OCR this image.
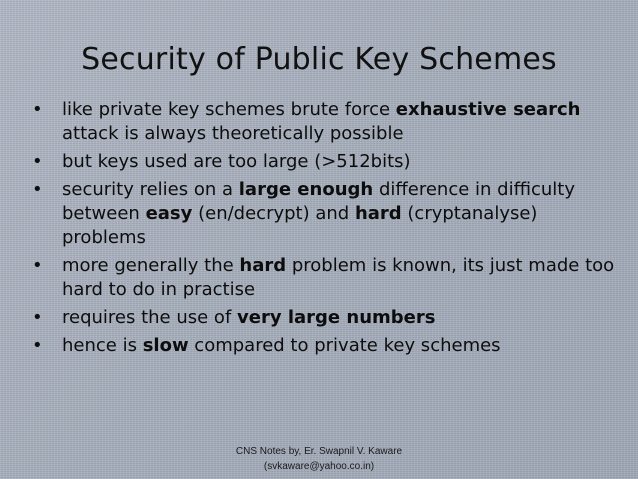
Security of Public Key Schemes
• like private key schemes brute force exhaustive search attack is always theoretically possible
• but keys used are too large (>512bits)
• security relies on a large enough difference in difficulty between easy (en/decrypt) and hard (cryptanalyse) problems
• more generally the hard problem is known, its just made too hard to do in practise
• requires the use of very large numbers
• hence is slow compared to private key schemes
CNS Notes by, Er. Swapnil V. Kaware
(svkaware@yahoo.co.in)
